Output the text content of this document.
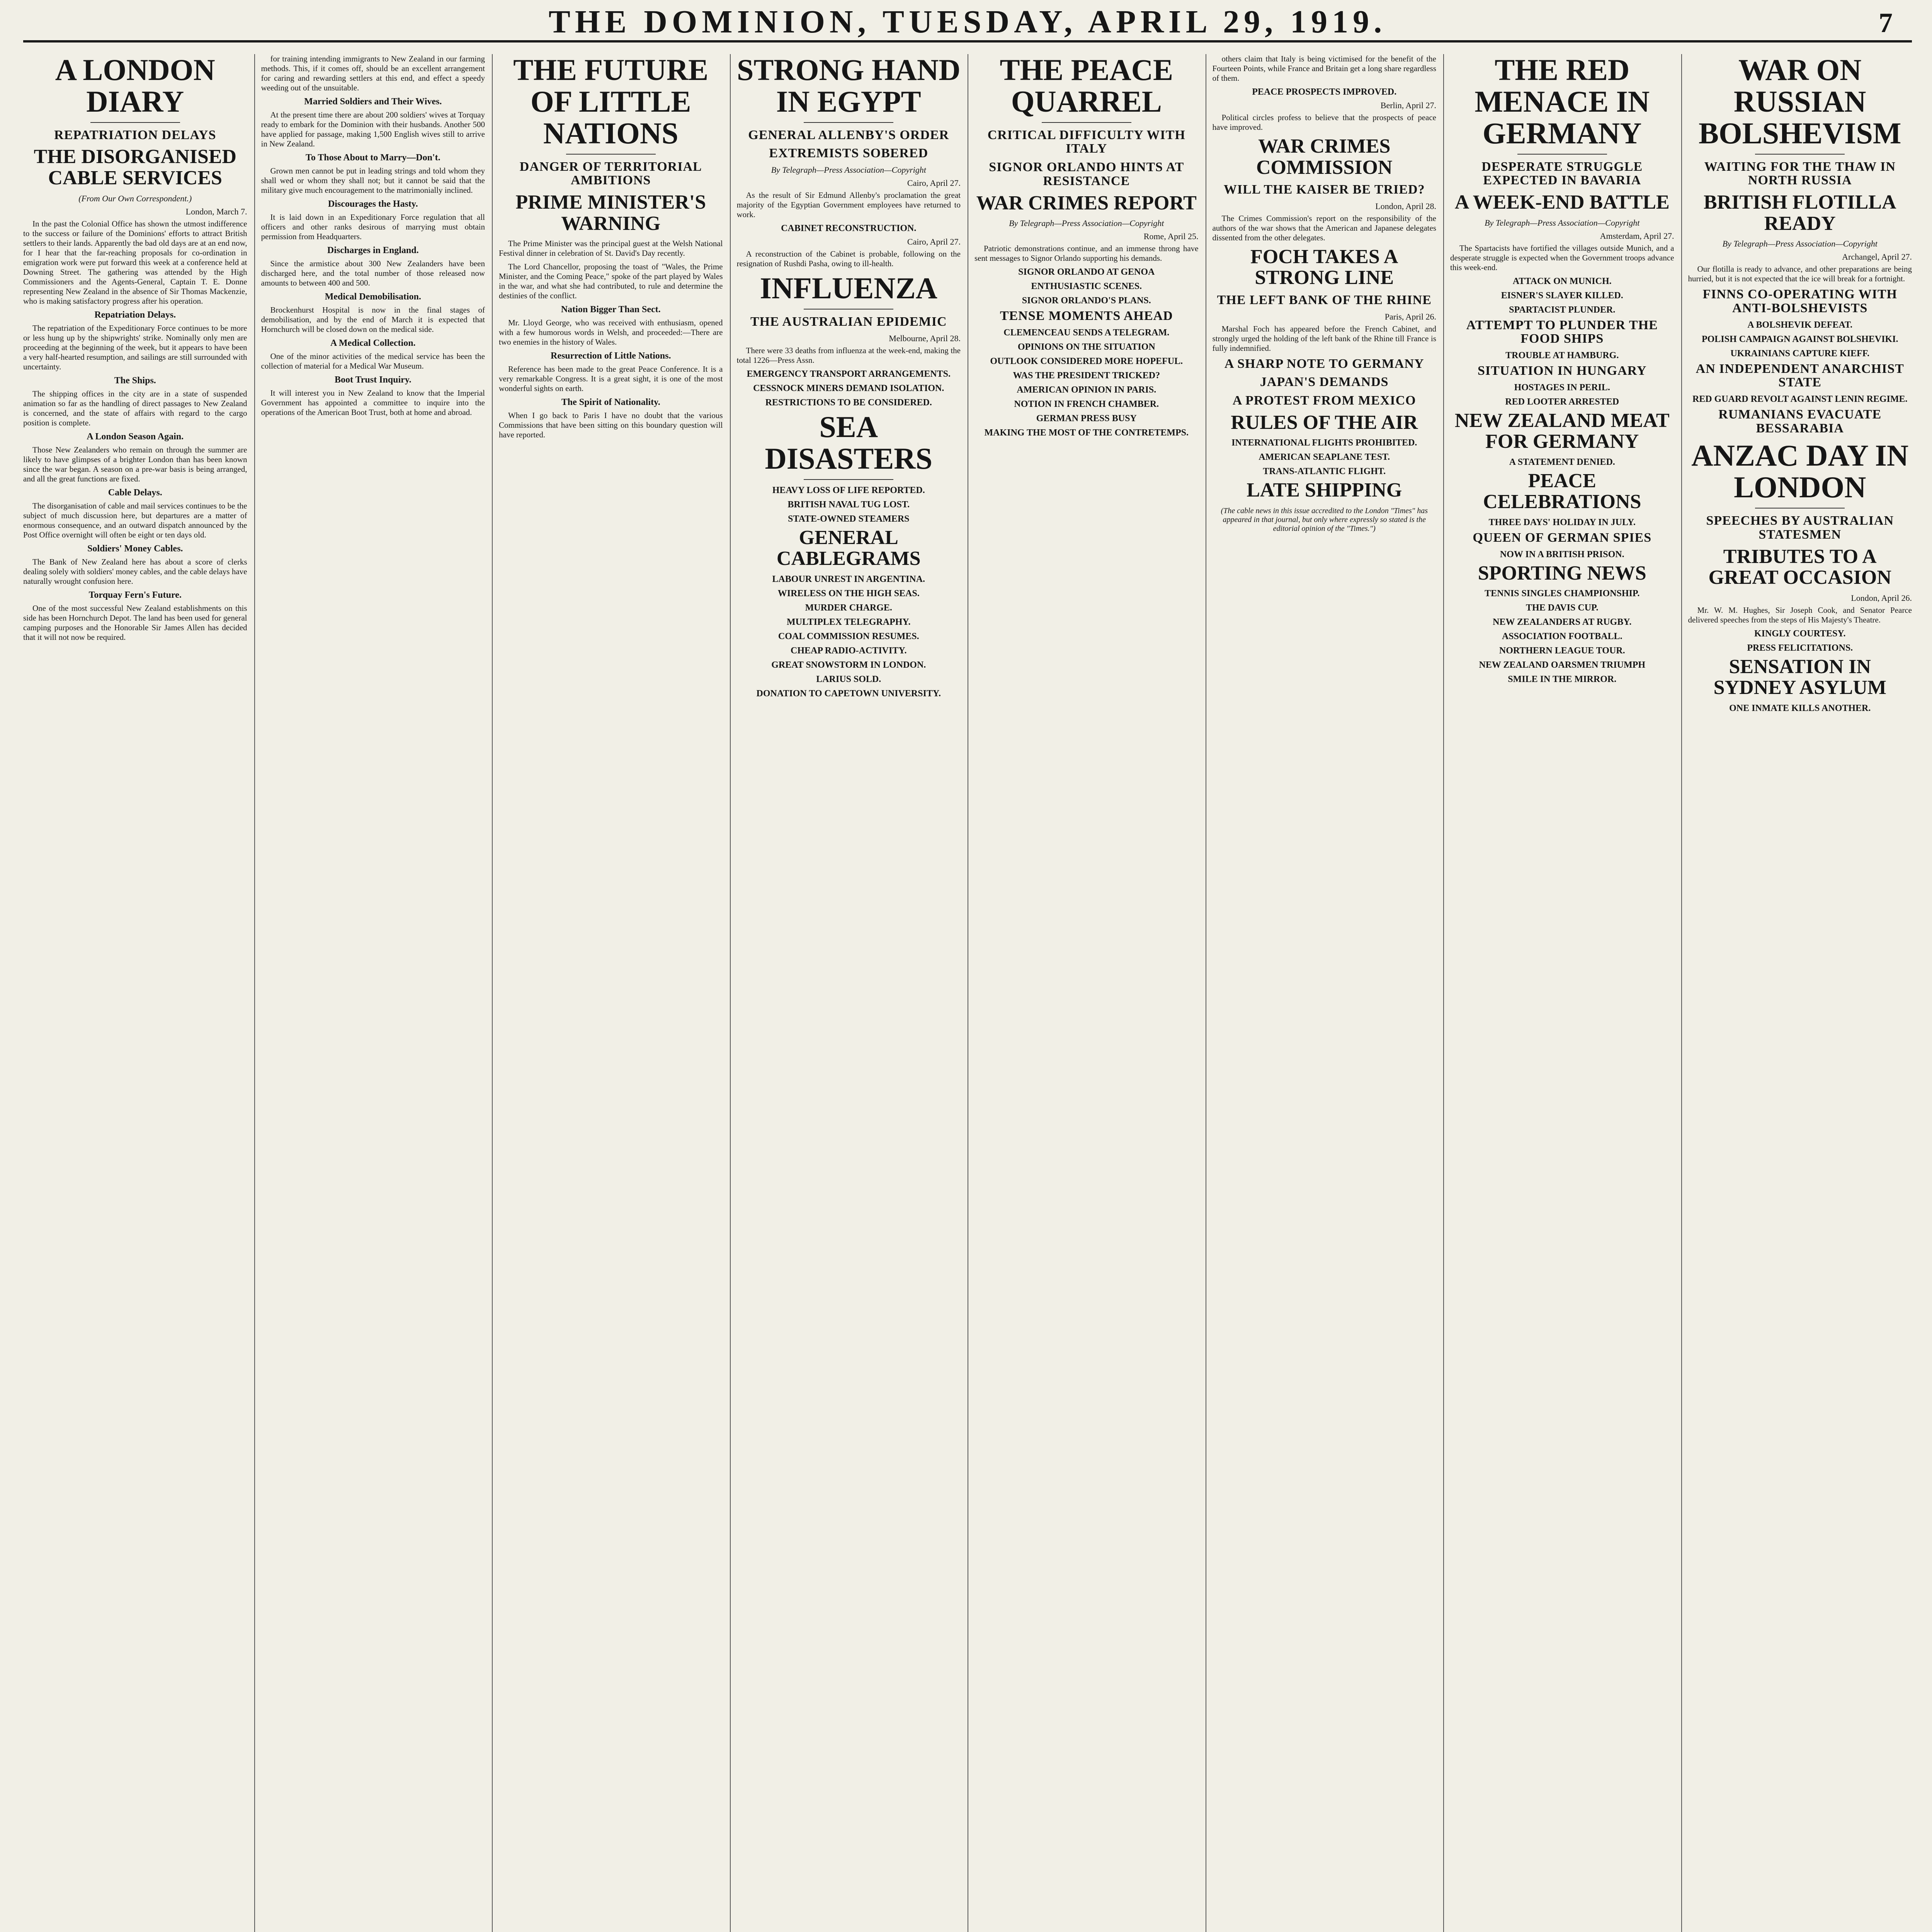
THE DOMINION, TUESDAY, APRIL 29, 1919.	7
A LONDON DIARY
REPATRIATION DELAYS
THE DISORGANISED CABLE SERVICES
(From Our Own Correspondent.)
London, March 7.
In the past the Colonial Office has shown the utmost indifference to the success or failure of the Dominions' efforts to attract British settlers to their lands. Apparently the bad old days are at an end now, for I hear that the far-reaching proposals for co-ordination in emigration work were put forward this week at a conference held at Downing Street. The gathering was attended by the High Commissioners and the Agents-General, Captain T. E. Donne representing New Zealand in the absence of Sir Thomas Mackenzie, who is making satisfactory progress after his operation.
Repatriation Delays.
The repatriation of the Expeditionary Force continues to be more or less hung up by the shipwrights' strike. Nominally only men are proceeding at the beginning of the week, but it appears to have been a very half-hearted resumption, and sailings are still surrounded with uncertainty.
The Ships.
The shipping offices in the city are in a state of suspended animation so far as the handling of direct passages to New Zealand is concerned, and the state of affairs with regard to the cargo position is complete.
A London Season Again.
Those New Zealanders who remain on through the summer are likely to have glimpses of a brighter London than has been known since the war began. A season on a pre-war basis is being arranged, and all the great functions are fixed.
Cable Delays.
The disorganisation of cable and mail services continues to be the subject of much discussion here, but departures are a matter of enormous consequence, and an outward dispatch announced by the Post Office overnight will often be eight or ten days old.
Soldiers' Money Cables.
The Bank of New Zealand here has about a score of clerks dealing solely with soldiers' money cables, and the cable delays have naturally wrought confusion here.
Torquay Fern's Future.
One of the most successful New Zealand establishments on this side has been Hornchurch Depot. The land has been used for general camping purposes and the Honorable Sir James Allen has decided that it will not now be required.
for training intending immigrants to New Zealand in our farming methods. This, if it comes off, should be an excellent arrangement for caring and rewarding settlers at this end, and effect a speedy weeding out of the unsuitable.
Married Soldiers and Their Wives.
At the present time there are about 200 soldiers' wives at Torquay ready to embark for the Dominion with their husbands. Another 500 have applied for passage, making 1,500 English wives still to arrive in New Zealand.
To Those About to Marry—Don't.
Grown men cannot be put in leading strings and told whom they shall wed or whom they shall not; but it cannot be said that the military give much encouragement to the matrimonially inclined.
Discourages the Hasty.
It is laid down in an Expeditionary Force regulation that all officers and other ranks desirous of marrying must obtain permission from Headquarters.
Discharges in England.
Since the armistice about 300 New Zealanders have been discharged here, and the total number of those released now amounts to between 400 and 500.
Medical Demobilisation.
Brockenhurst Hospital is now in the final stages of demobilisation, and by the end of March it is expected that Hornchurch will be closed down on the medical side.
A Medical Collection.
One of the minor activities of the medical service has been the collection of material for a Medical War Museum.
Boot Trust Inquiry.
It will interest you in New Zealand to know that the Imperial Government has appointed a committee to inquire into the operations of the American Boot Trust, both at home and abroad.
THE FUTURE OF LITTLE NATIONS
DANGER OF TERRITORIAL AMBITIONS
PRIME MINISTER'S WARNING
The Prime Minister was the principal guest at the Welsh National Festival dinner in celebration of St. David's Day recently.
The Lord Chancellor, proposing the toast of "Wales, the Prime Minister, and the Coming Peace," spoke of the part played by Wales in the war, and what she had contributed, to rule and determine the destinies of the conflict.
Nation Bigger Than Sect.
Mr. Lloyd George, who was received with enthusiasm, opened with a few humorous words in Welsh, and proceeded:—There are two enemies in the history of Wales.
Resurrection of Little Nations.
Reference has been made to the great Peace Conference. It is a very remarkable Congress. It is a great sight, it is one of the most wonderful sights on earth.
The Spirit of Nationality.
When I go back to Paris I have no doubt that the various Commissions that have been sitting on this boundary question will have reported.
STRONG HAND IN EGYPT
GENERAL ALLENBY'S ORDER
EXTREMISTS SOBERED
By Telegraph—Press Association—Copyright
Cairo, April 27.
As the result of Sir Edmund Allenby's proclamation the great majority of the Egyptian Government employees have returned to work.
CABINET RECONSTRUCTION.
Cairo, April 27.
A reconstruction of the Cabinet is probable, following on the resignation of Rushdi Pasha, owing to ill-health.
INFLUENZA
THE AUSTRALIAN EPIDEMIC
Melbourne, April 28.
There were 33 deaths from influenza at the week-end, making the total 1226—Press Assn.
EMERGENCY TRANSPORT ARRANGEMENTS.
CESSNOCK MINERS DEMAND ISOLATION.
RESTRICTIONS TO BE CONSIDERED.
SEA DISASTERS
HEAVY LOSS OF LIFE REPORTED.
BRITISH NAVAL TUG LOST.
STATE-OWNED STEAMERS
GENERAL CABLEGRAMS
LABOUR UNREST IN ARGENTINA.
WIRELESS ON THE HIGH SEAS.
MURDER CHARGE.
MULTIPLEX TELEGRAPHY.
COAL COMMISSION RESUMES.
CHEAP RADIO-ACTIVITY.
GREAT SNOWSTORM IN LONDON.
LARIUS SOLD.
DONATION TO CAPETOWN UNIVERSITY.
THE PEACE QUARREL
CRITICAL DIFFICULTY WITH ITALY
SIGNOR ORLANDO HINTS AT RESISTANCE
WAR CRIMES REPORT
By Telegraph—Press Association—Copyright
Rome, April 25.
Patriotic demonstrations continue, and an immense throng have sent messages to Signor Orlando supporting his demands.
SIGNOR ORLANDO AT GENOA
ENTHUSIASTIC SCENES.
SIGNOR ORLANDO'S PLANS.
TENSE MOMENTS AHEAD
CLEMENCEAU SENDS A TELEGRAM.
OPINIONS ON THE SITUATION
OUTLOOK CONSIDERED MORE HOPEFUL.
WAS THE PRESIDENT TRICKED?
AMERICAN OPINION IN PARIS.
NOTION IN FRENCH CHAMBER.
GERMAN PRESS BUSY
MAKING THE MOST OF THE CONTRETEMPS.
others claim that Italy is being victimised for the benefit of the Fourteen Points, while France and Britain get a long share regardless of them.
PEACE PROSPECTS IMPROVED.
Berlin, April 27.
Political circles profess to believe that the prospects of peace have improved.
WAR CRIMES COMMISSION
WILL THE KAISER BE TRIED?
London, April 28.
The Crimes Commission's report on the responsibility of the authors of the war shows that the American and Japanese delegates dissented from the other delegates.
FOCH TAKES A STRONG LINE
THE LEFT BANK OF THE RHINE
Paris, April 26.
Marshal Foch has appeared before the French Cabinet, and strongly urged the holding of the left bank of the Rhine till France is fully indemnified.
A SHARP NOTE TO GERMANY
JAPAN'S DEMANDS
A PROTEST FROM MEXICO
RULES OF THE AIR
INTERNATIONAL FLIGHTS PROHIBITED.
AMERICAN SEAPLANE TEST.
TRANS-ATLANTIC FLIGHT.
LATE SHIPPING
(The cable news in this issue accredited to the London "Times" has appeared in that journal, but only where expressly so stated is the editorial opinion of the "Times.")
THE RED MENACE IN GERMANY
DESPERATE STRUGGLE EXPECTED IN BAVARIA
A WEEK-END BATTLE
By Telegraph—Press Association—Copyright
Amsterdam, April 27.
The Spartacists have fortified the villages outside Munich, and a desperate struggle is expected when the Government troops advance this week-end.
ATTACK ON MUNICH.
EISNER'S SLAYER KILLED.
SPARTACIST PLUNDER.
ATTEMPT TO PLUNDER THE FOOD SHIPS
TROUBLE AT HAMBURG.
SITUATION IN HUNGARY
HOSTAGES IN PERIL.
RED LOOTER ARRESTED
NEW ZEALAND MEAT FOR GERMANY
A STATEMENT DENIED.
PEACE CELEBRATIONS
THREE DAYS' HOLIDAY IN JULY.
QUEEN OF GERMAN SPIES
NOW IN A BRITISH PRISON.
SPORTING NEWS
TENNIS SINGLES CHAMPIONSHIP.
THE DAVIS CUP.
NEW ZEALANDERS AT RUGBY.
ASSOCIATION FOOTBALL.
NORTHERN LEAGUE TOUR.
NEW ZEALAND OARSMEN TRIUMPH
SMILE IN THE MIRROR.
WAR ON RUSSIAN BOLSHEVISM
WAITING FOR THE THAW IN NORTH RUSSIA
BRITISH FLOTILLA READY
By Telegraph—Press Association—Copyright
Archangel, April 27.
Our flotilla is ready to advance, and other preparations are being hurried, but it is not expected that the ice will break for a fortnight.
FINNS CO-OPERATING WITH ANTI-BOLSHEVISTS
A BOLSHEVIK DEFEAT.
POLISH CAMPAIGN AGAINST BOLSHEVIKI.
UKRAINIANS CAPTURE KIEFF.
AN INDEPENDENT ANARCHIST STATE
RED GUARD REVOLT AGAINST LENIN REGIME.
RUMANIANS EVACUATE BESSARABIA
ANZAC DAY IN LONDON
SPEECHES BY AUSTRALIAN STATESMEN
TRIBUTES TO A GREAT OCCASION
London, April 26.
Mr. W. M. Hughes, Sir Joseph Cook, and Senator Pearce delivered speeches from the steps of His Majesty's Theatre.
KINGLY COURTESY.
PRESS FELICITATIONS.
SENSATION IN SYDNEY ASYLUM
ONE INMATE KILLS ANOTHER.
